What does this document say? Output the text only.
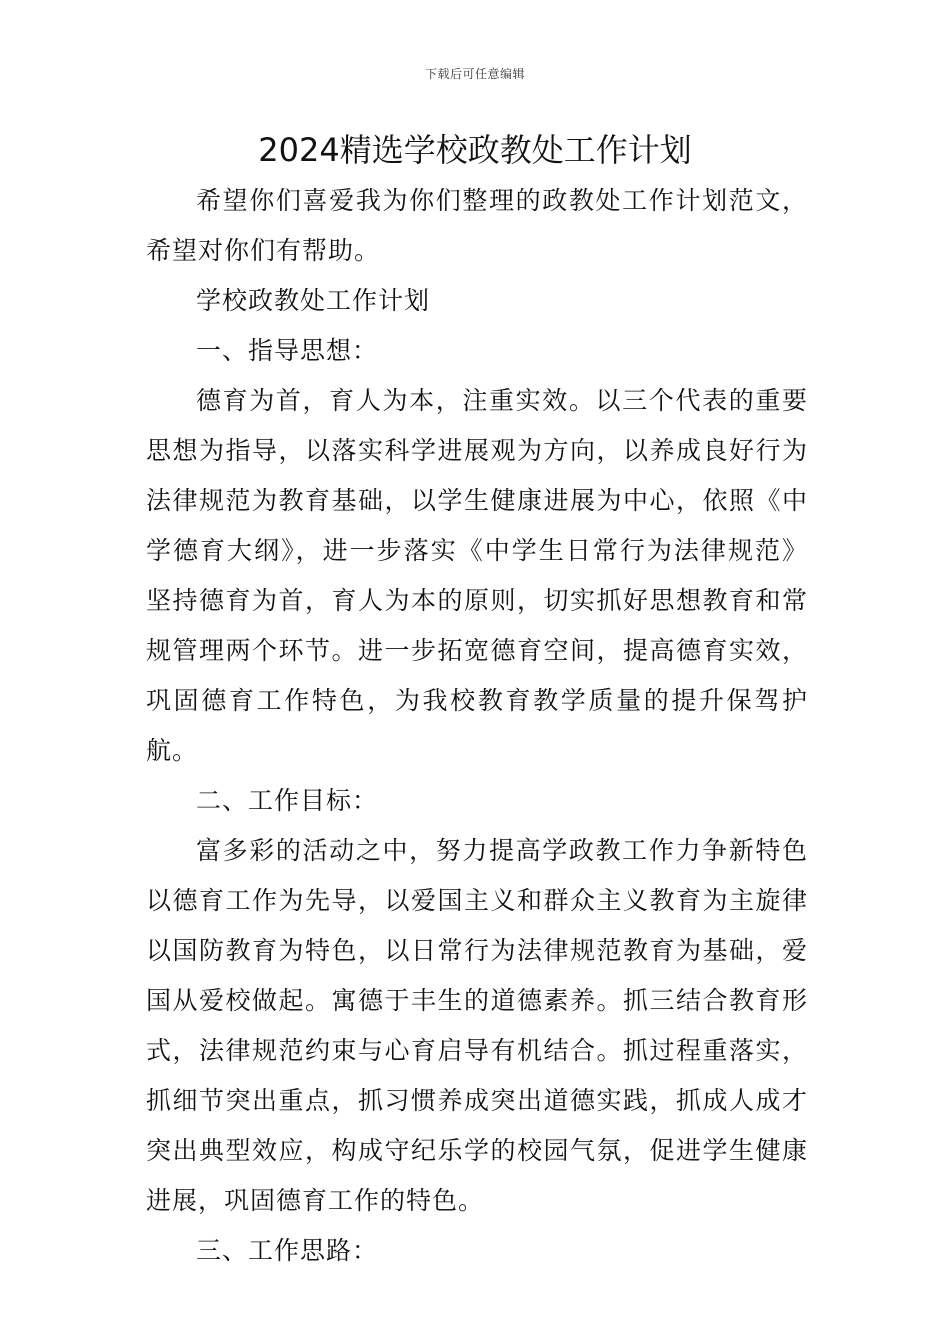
下载后可任意编辑
2024精选学校政教处工作计划

希望你们喜爱我为你们整理的政教处工作计划范文，希望对你们有帮助。

学校政教处工作计划

一、指导思想：

德育为首，育人为本，注重实效。以三个代表的重要思想为指导，以落实科学进展观为方向，以养成良好行为法律规范为教育基础，以学生健康进展为中心，依照《中学德育大纲》，进一步落实《中学生日常行为法律规范》坚持德育为首，育人为本的原则，切实抓好思想教育和常规管理两个环节。进一步拓宽德育空间，提高德育实效，巩固德育工作特色，为我校教育教学质量的提升保驾护航。

二、工作目标：

富多彩的活动之中，努力提高学政教工作力争新特色以德育工作为先导，以爱国主义和群众主义教育为主旋律以国防教育为特色，以日常行为法律规范教育为基础，爱国从爱校做起。寓德于丰生的道德素养。抓三结合教育形式，法律规范约束与心育启导有机结合。抓过程重落实，抓细节突出重点，抓习惯养成突出道德实践，抓成人成才突出典型效应，构成守纪乐学的校园气氛，促进学生健康进展，巩固德育工作的特色。

三、工作思路：
